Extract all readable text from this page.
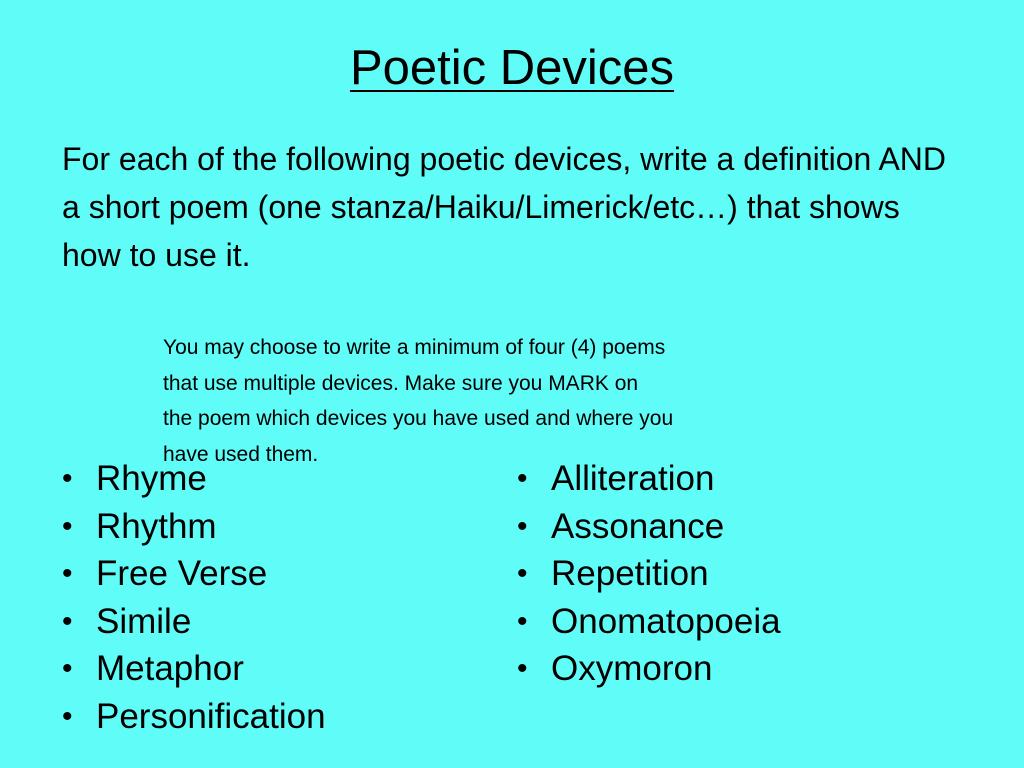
Poetic Devices

For each of the following poetic devices, write a definition AND a short poem (one stanza/Haiku/Limerick/etc…) that shows how to use it.

You may choose to write a minimum of four (4) poems
that use multiple devices. Make sure you MARK on
the poem which devices you have used and where you
have used them.

• Rhyme
• Rhythm
• Free Verse
• Simile
• Metaphor
• Personification
• Alliteration
• Assonance
• Repetition
• Onomatopoeia
• Oxymoron
